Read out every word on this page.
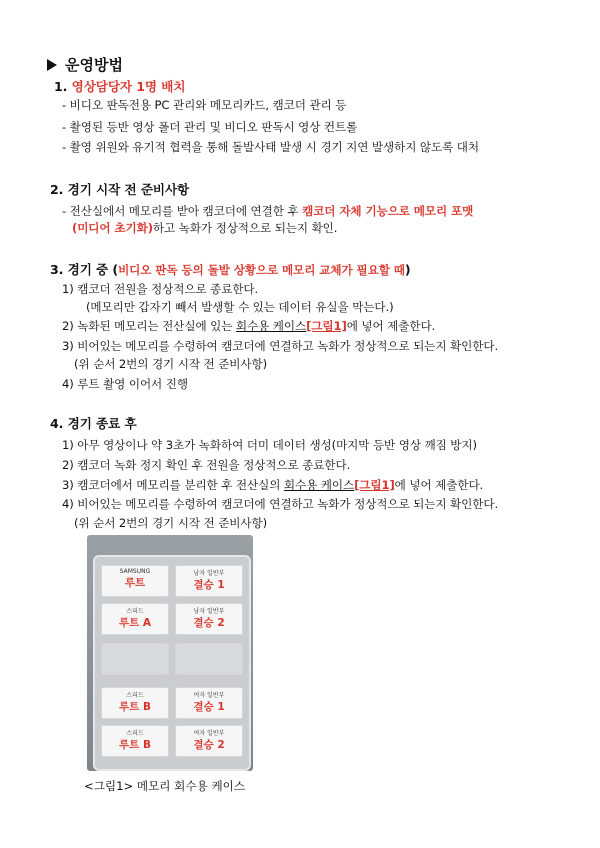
운영방법
1. 영상담당자 1명 배치
- 비디오 판독전용 PC 관리와 메모리카드, 캠코더 관리 등
- 촬영된 등반 영상 폴더 관리 및 비디오 판독시 영상 컨트롤
- 촬영 위원와 유기적 협력을 통해 돌발사태 발생 시 경기 지연 발생하지 않도록 대처
2. 경기 시작 전 준비사항
- 전산실에서 메모리를 받아 캠코더에 연결한 후 캠코더 자체 기능으로 메모리 포맷
(미디어 초기화)하고 녹화가 정상적으로 되는지 확인.
3. 경기 중 (비디오 판독 등의 돌발 상황으로 메모리 교체가 필요할 때)
1) 캠코더 전원을 정상적으로 종료한다.
(메모리만 갑자기 빼서 발생할 수 있는 데이터 유실을 막는다.)
2) 녹화된 메모리는 전산실에 있는 회수용 케이스[그림1]에 넣어 제출한다.
3) 비어있는 메모리를 수령하여 캠코더에 연결하고 녹화가 정상적으로 되는지 확인한다.
(위 순서 2번의 경기 시작 전 준비사항)
4) 루트 촬영 이어서 진행
4. 경기 종료 후
1) 아무 영상이나 약 3초가 녹화하여 더미 데이터 생성(마지막 등반 영상 깨짐 방지)
2) 캠코더 녹화 정지 확인 후 전원을 정상적으로 종료한다.
3) 캠코더에서 메모리를 분리한 후 전산실의 회수용 케이스[그림1]에 넣어 제출한다.
4) 비어있는 메모리를 수령하여 캠코더에 연결하고 녹화가 정상적으로 되는지 확인한다.
(위 순서 2번의 경기 시작 전 준비사항)
SAMSUNG
루트
스피드
루트 A
스피드
루트 B
스피드
루트 B
남자 일반부
결승 1
남자 일반부
결승 2
여자 일반부
결승 1
여자 일반부
결승 2
<그림1> 메모리 회수용 케이스
